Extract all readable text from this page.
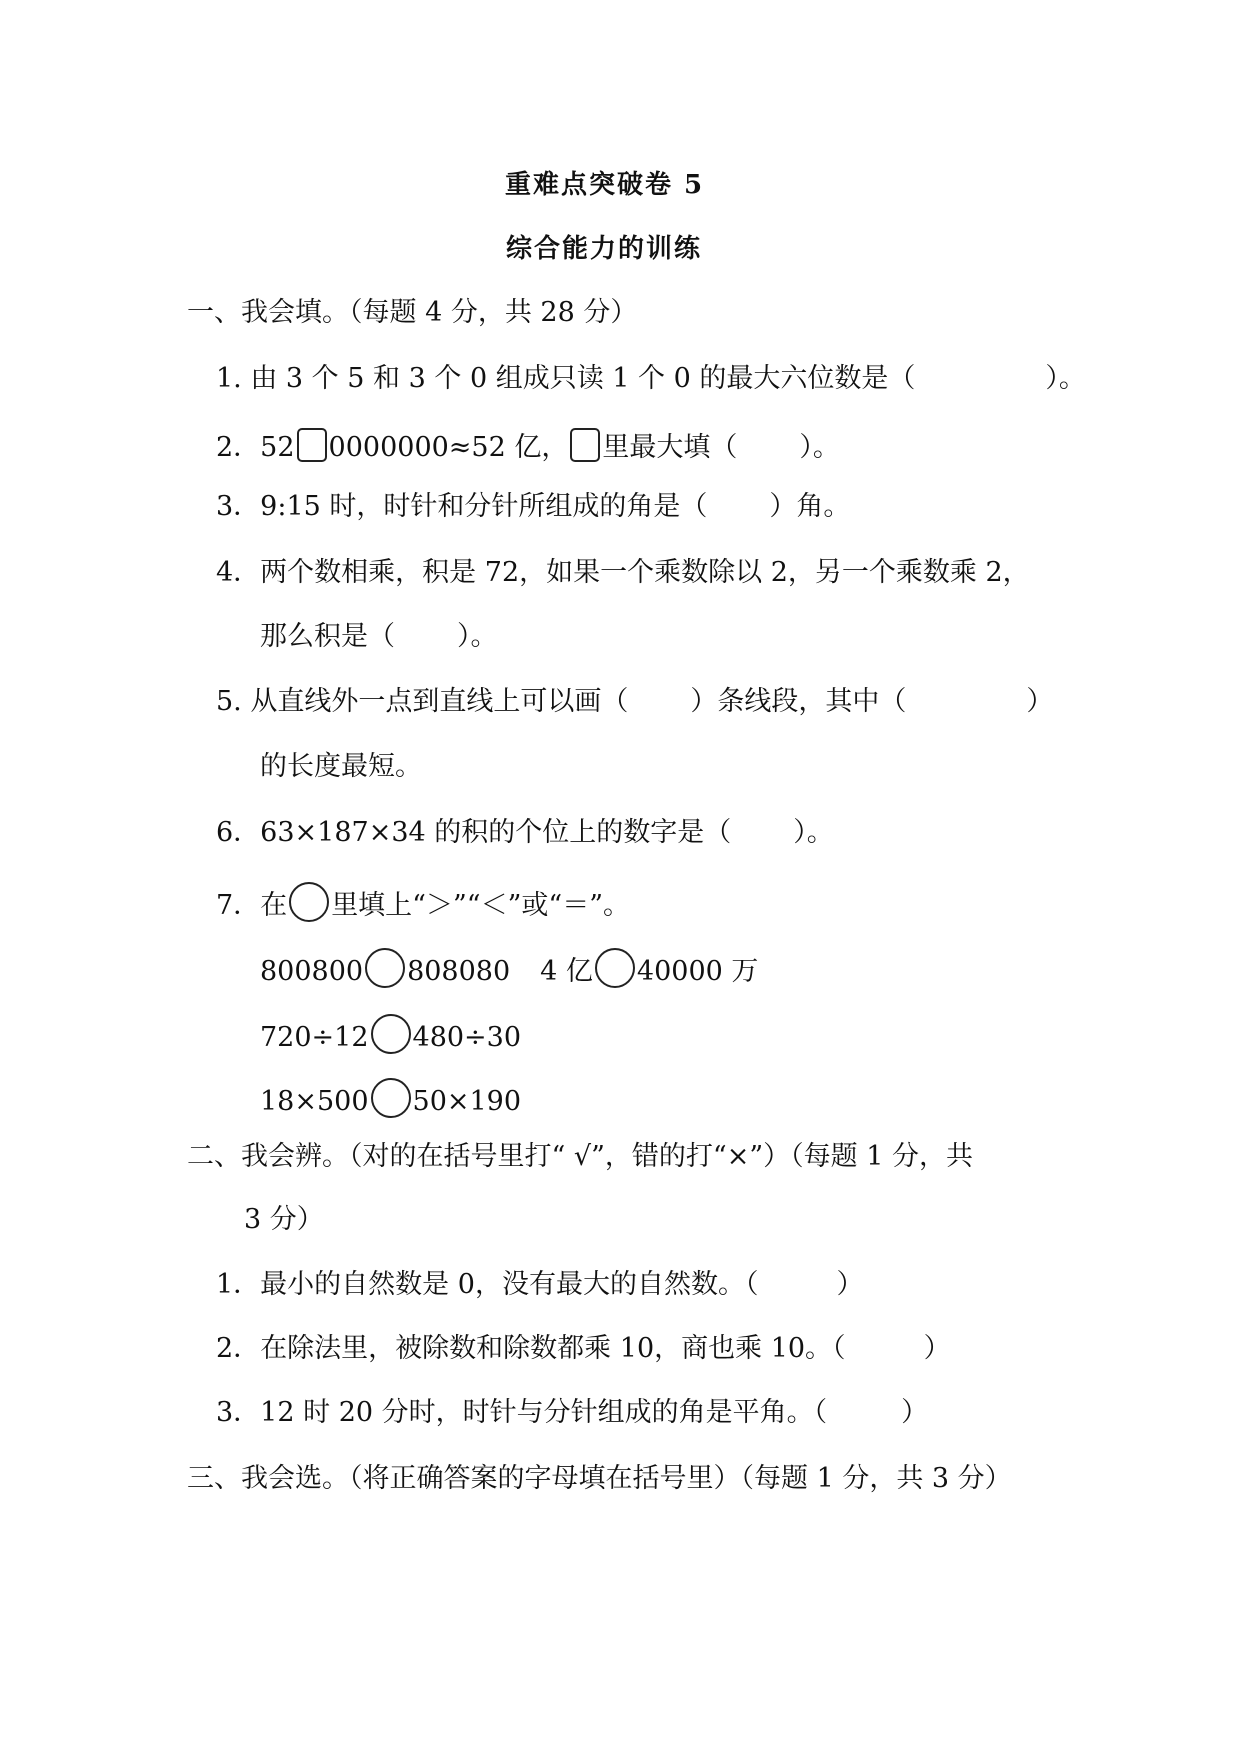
重难点突破卷 5
综合能力的训练
一、我会填。（每题 4 分，共 28 分）
1. 由 3 个 5 和 3 个 0 组成只读 1 个 0 的最大六位数是（	）。
2．52 0000000≈52 亿， 里最大填（ ）。
3．9:15 时，时针和分针所组成的角是（ ）角。
4．两个数相乘，积是 72，如果一个乘数除以 2，另一个乘数乘 2，
那么积是（ ）。
5. 从直线外一点到直线上可以画（ ）条线段，其中（	）
的长度最短。
6．63×187×34 的积的个位上的数字是（ ）。
7．在 里填上“＞”“＜”或“＝”。
800800 808080 4 亿 40000 万
720÷12 480÷30
18×500 50×190
二、我会辨。（对的在括号里打“ √”，错的打“×”）（每题 1 分，共
3 分）
1．最小的自然数是 0，没有最大的自然数。（	）
2．在除法里，被除数和除数都乘 10，商也乘 10。（	）
3．12 时 20 分时，时针与分针组成的角是平角。（	）
三、我会选。（将正确答案的字母填在括号里）（每题 1 分，共 3 分）
